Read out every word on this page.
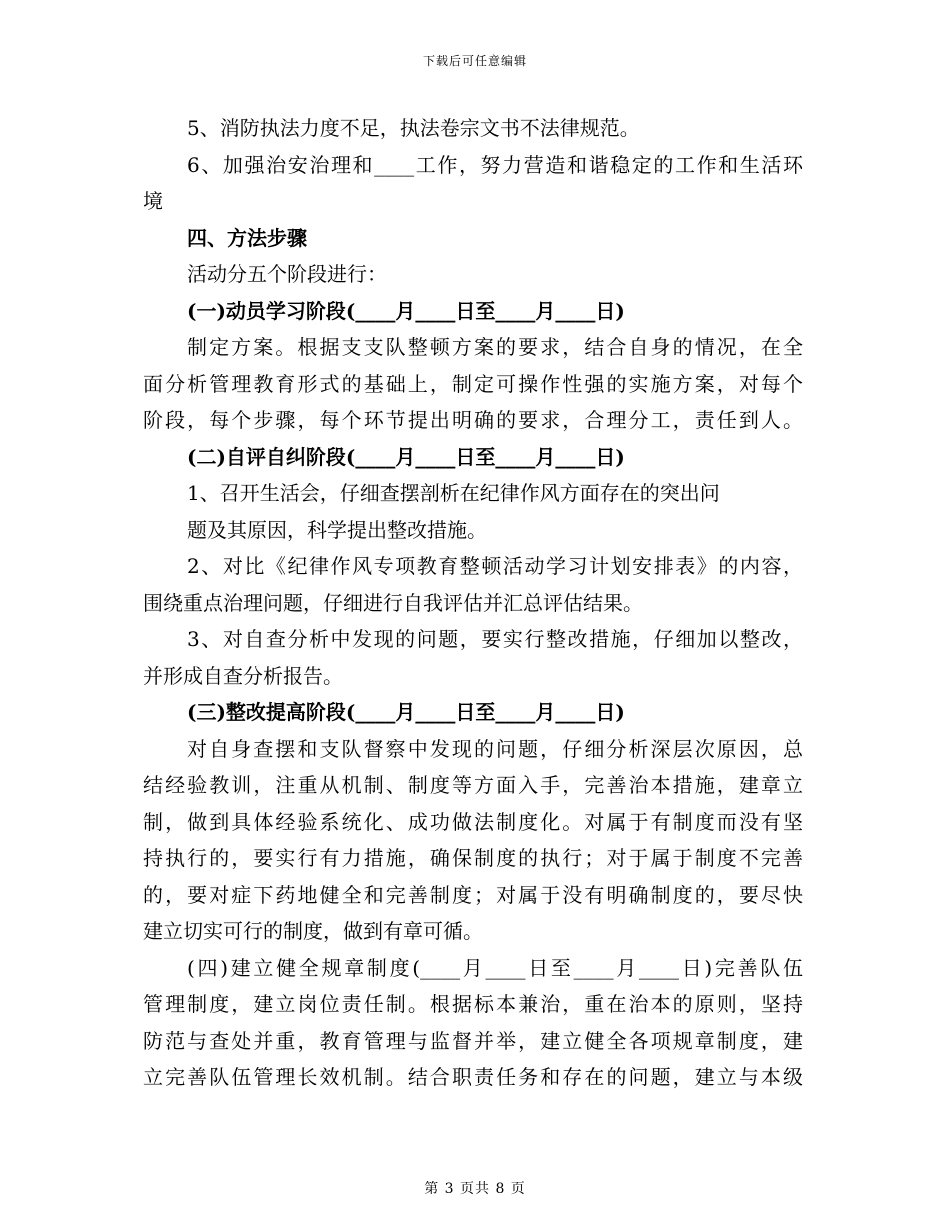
下载后可任意编辑
5、消防执法力度不足，执法卷宗文书不法律规范。
6、加强治安治理和____工作，努力营造和谐稳定的工作和生活环
境
四、方法步骤
活动分五个阶段进行：
(一)动员学习阶段(____月____日至____月____日)
制定方案。根据支支队整顿方案的要求，结合自身的情况，在全
面分析管理教育形式的基础上，制定可操作性强的实施方案，对每个
阶段，每个步骤，每个环节提出明确的要求，合理分工，责任到人。
(二)自评自纠阶段(____月____日至____月____日)
1、召开生活会，仔细查摆剖析在纪律作风方面存在的突出问
题及其原因，科学提出整改措施。
2、对比《纪律作风专项教育整顿活动学习计划安排表》的内容，
围绕重点治理问题，仔细进行自我评估并汇总评估结果。
3、对自查分析中发现的问题，要实行整改措施，仔细加以整改，
并形成自查分析报告。
(三)整改提高阶段(____月____日至____月____日)
对自身查摆和支队督察中发现的问题，仔细分析深层次原因，总
结经验教训，注重从机制、制度等方面入手，完善治本措施，建章立
制，做到具体经验系统化、成功做法制度化。对属于有制度而没有坚
持执行的，要实行有力措施，确保制度的执行；对于属于制度不完善
的，要对症下药地健全和完善制度；对属于没有明确制度的，要尽快
建立切实可行的制度，做到有章可循。
(四)建立健全规章制度(____月____日至____月____日)完善队伍
管理制度，建立岗位责任制。根据标本兼治，重在治本的原则，坚持
防范与查处并重，教育管理与监督并举，建立健全各项规章制度，建
立完善队伍管理长效机制。结合职责任务和存在的问题，建立与本级
第 3 页共 8 页
